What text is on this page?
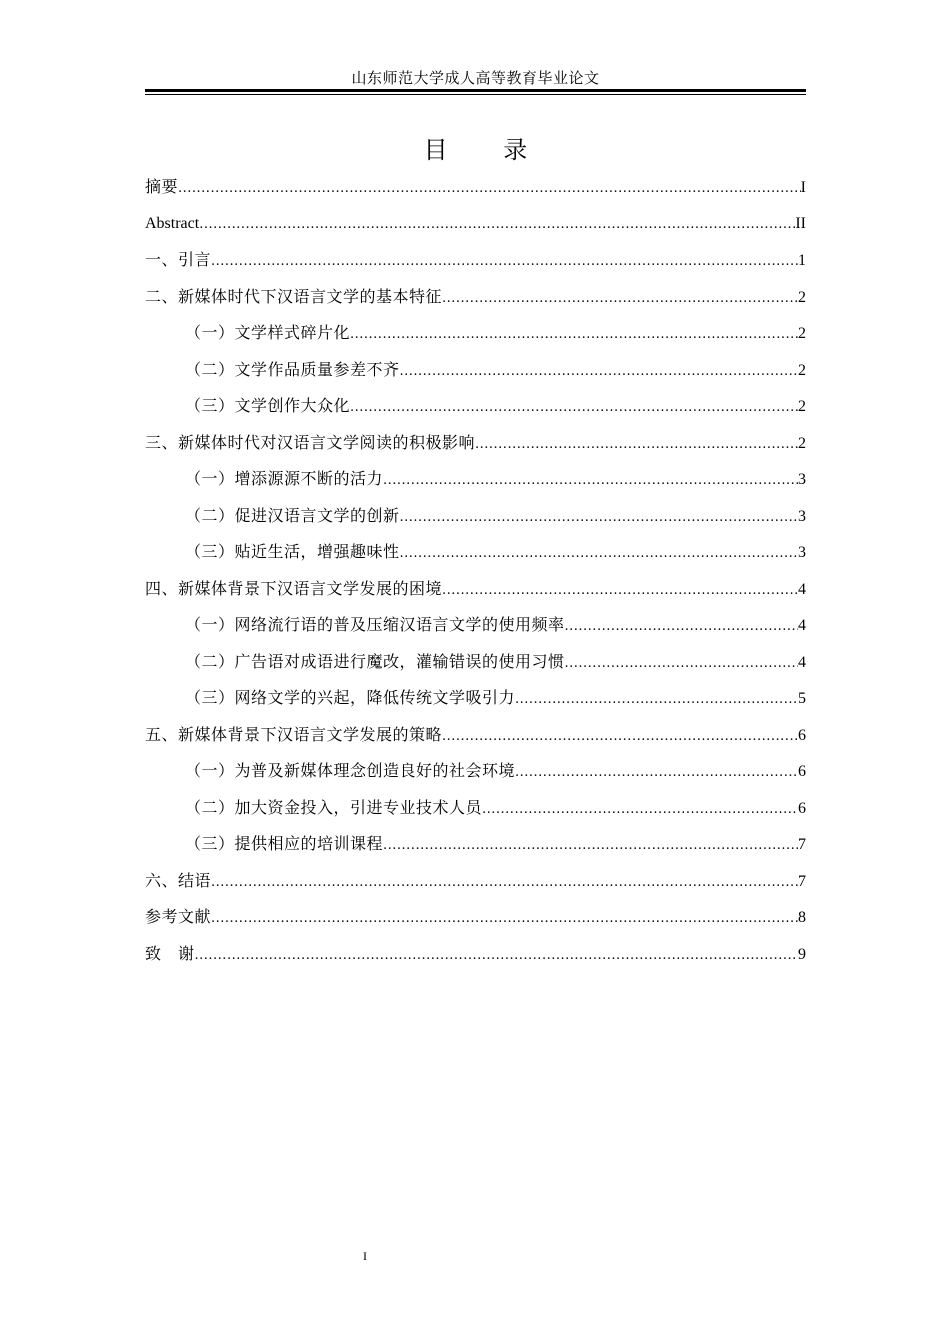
山东师范大学成人高等教育毕业论文
目 录
摘要 .....	I
Abstract .....	II
一、引言 .....	1
二、新媒体时代下汉语言文学的基本特征 .....	2
（一）文学样式碎片化 .....	2
（二）文学作品质量参差不齐 .....	2
（三）文学创作大众化 .....	2
三、新媒体时代对汉语言文学阅读的积极影响 .....	2
（一）增添源源不断的活力 .....	3
（二）促进汉语言文学的创新 .....	3
（三）贴近生活，增强趣味性 .....	3
四、新媒体背景下汉语言文学发展的困境 .....	4
（一）网络流行语的普及压缩汉语言文学的使用频率 .....	4
（二）广告语对成语进行魔改，灌输错误的使用习惯 .....	4
（三）网络文学的兴起，降低传统文学吸引力 .....	5
五、新媒体背景下汉语言文学发展的策略 .....	6
（一）为普及新媒体理念创造良好的社会环境 .....	6
（二）加大资金投入，引进专业技术人员 .....	6
（三）提供相应的培训课程 .....	7
六、结语 .....	7
参考文献 .....	8
致　谢 .....	9
I
